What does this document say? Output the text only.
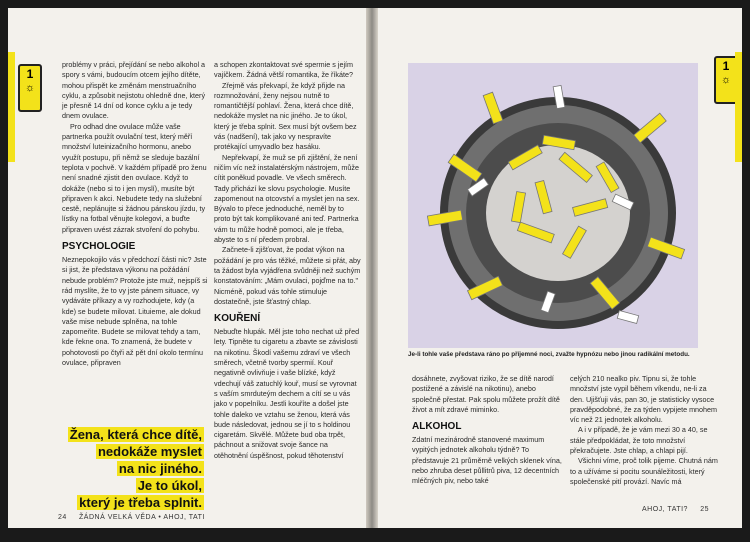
1
☼

problémy v práci, přejídání se nebo alkohol a spory s vámi, budoucím otcem jejího dítěte, mohou přispět ke změnám menstruačního cyklu, a způsobit nejistotu ohledně dne, který je přesně 14 dní od konce cyklu a je tedy dnem ovulace.

Pro odhad dne ovulace může vaše partnerka použít ovulační test, který měří množství luteinizačního hormonu, anebo využít postupu, při němž se sleduje bazální teplota v pochvě. V každém případě pro ženu není snadné zjistit den ovulace. Když to dokáže (nebo si to i jen myslí), musíte být připraven k akci. Nebudete tedy na služební cestě, neplánujte si žádnou pánskou jízdu, ty lístky na fotbal věnujte kolegovi, a buďte připraven uvést zázrak stvoření do pohybu.

PSYCHOLOGIE

Neznepokojilo vás v předchozí části nic? Jste si jist, že představa výkonu na požádání nebude problém? Protože jste muž, nejspíš si rád myslíte, že to vy jste pánem situace, vy vydáváte příkazy a vy rozhodujete, kdy (a kde) se budete milovat. Lituieme, ale dokud vaše mise nebude splněna, na tohle zapomeňte. Budete se milovat tehdy a tam, kde řekne ona. To znamená, že budete v pohotovosti po čtyři až pět dní okolo termínu ovulace, připraven

Žena, která chce dítě,
nedokáže myslet
na nic jiného.
Je to úkol,
který je třeba splnit.

a schopen zkontaktovat své spermie s jejím vajíčkem. Žádná větší romantika, že říkáte?

Zřejmě vás překvapí, že když přijde na rozmnožování, ženy nejsou nutně to romantičtější pohlaví. Žena, která chce dítě, nedokáže myslet na nic jiného. Je to úkol, který je třeba splnit. Sex musí být ovšem bez vás (nadšení), tak jako vy nespravíte protékající umyvadlo bez hasáku.

Nepřekvapí, že muž se při zjištění, že není ničím víc než instalatérským nástrojem, může cítit poněkud povadle. Ve všech směrech. Tady přichází ke slovu psychologie. Musíte zapomenout na otcovství a myslet jen na sex. Bývalo to přece jednoduché, neměl by to proto být tak komplikované ani teď. Partnerka vám tu může hodně pomoci, ale je třeba, abyste to s ní předem probral.

Začnete-li zjišťovat, že podat výkon na požádání je pro vás těžké, můžete si přát, aby ta žádost byla vyjádřena svůdněji než suchým konstatováním: „Mám ovulaci, pojďme na to." Nicméně, pokud vás tohle stimuluje dostatečně, jste šťastný chlap.

KOUŘENÍ

Nebuďte hlupák. Měl jste toho nechat už před lety. Tipněte tu cigaretu a zbavte se závislosti na nikotinu. Škodí vašemu zdraví ve všech směrech, včetně tvorby spermií. Kouř negativně ovlivňuje i vaše blízké, když vdechují váš zatuchlý kouř, musí se vyrovnat s vaším smrduteým dechem a cítí se u vás jako v popelníku. Jestli kouříte a došel jste tohle daleko ve vztahu se ženou, která vás bude následovat, jednou se jí to s holdinou cigaretám. Skvělé. Můžete bud oba trpět, páchnout a snižovat svoje šance na otěhotnění úspěšnost, pokud těhotenství

24 ŽÁDNÁ VELKÁ VĚDA • AHOJ, TATI
1
☼
Je-li tohle vaše představa ráno po příjemné noci, zvažte hypnózu nebo jinou radikální metodu.

dosáhnete, zvyšovat riziko, že se dítě narodí postižené a závislé na nikotinu), anebo společně přestat. Pak spolu můžete prožít dítě život a mít zdravé miminko.

ALKOHOL

Zdatní mezinárodně stanovené maximum vypitých jednotek alkoholu týdně? To představuje 21 průměrně velkých sklenek vína, nebo zhruba deset půllitrů piva, 12 decentních mléčných piv, nebo také

celých 210 nealko piv. Tipnu si, že tohle množství jste vypil během víkendu, ne-li za den. Ujišťuji vás, pan 30, je statisticky vysoce pravděpodobné, že za týden vypijete mnohem víc než 21 jednotek alkoholu.

A i v případě, že je vám mezi 30 a 40, se stále předpokládat, že toto množství překračujete. Jste chlap, a chlapi pijí.

Všichni víme, proč tolik pijeme. Chutná nám to a užíváme si pocitu sounáležitosti, který společenské pití provází. Navíc má

AHOJ, TATI? 25
